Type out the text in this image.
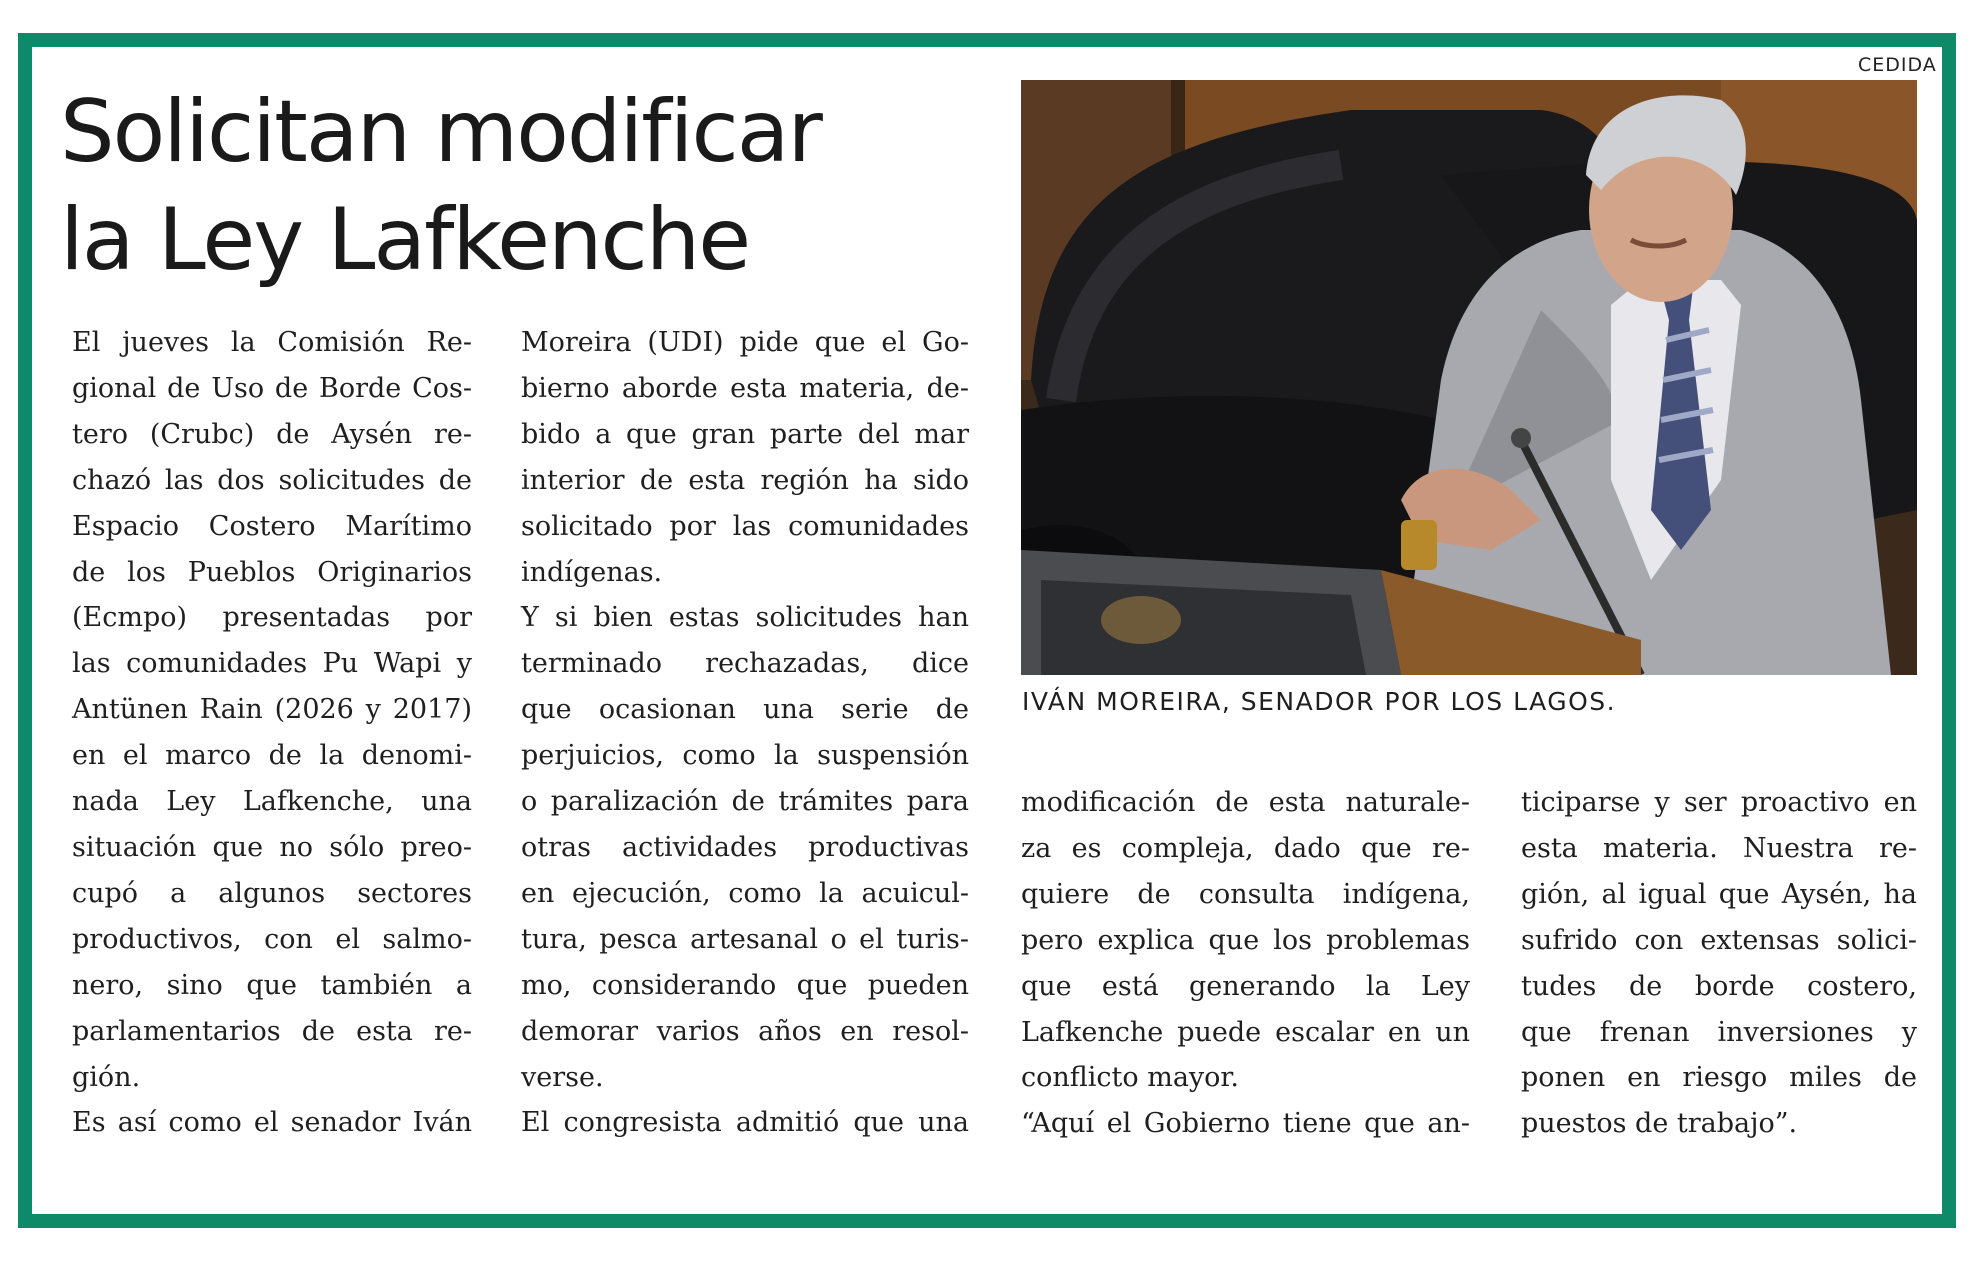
CEDIDA
Solicitan modificar
la Ley Lafkenche
El jueves la Comisión Re-
gional de Uso de Borde Cos-
tero (Crubc) de Aysén re-
chazó las dos solicitudes de
Espacio Costero Marítimo
de los Pueblos Originarios
(Ecmpo) presentadas por
las comunidades Pu Wapi y
Antünen Rain (2026 y 2017)
en el marco de la denomi-
nada Ley Lafkenche, una
situación que no sólo preo-
cupó a algunos sectores
productivos, con el salmo-
nero, sino que también a
parlamentarios de esta re-
gión.
Es así como el senador Iván
Moreira (UDI) pide que el Go-
bierno aborde esta materia, de-
bido a que gran parte del mar
interior de esta región ha sido
solicitado por las comunidades
indígenas.
Y si bien estas solicitudes han
terminado rechazadas, dice
que ocasionan una serie de
perjuicios, como la suspensión
o paralización de trámites para
otras actividades productivas
en ejecución, como la acuicul-
tura, pesca artesanal o el turis-
mo, considerando que pueden
demorar varios años en resol-
verse.
El congresista admitió que una
IVÁN MOREIRA, SENADOR POR LOS LAGOS.
modificación de esta naturale-
za es compleja, dado que re-
quiere de consulta indígena,
pero explica que los problemas
que está generando la Ley
Lafkenche puede escalar en un
conflicto mayor.
“Aquí el Gobierno tiene que an-
ticiparse y ser proactivo en
esta materia. Nuestra re-
gión, al igual que Aysén, ha
sufrido con extensas solici-
tudes de borde costero,
que frenan inversiones y
ponen en riesgo miles de
puestos de trabajo”.
